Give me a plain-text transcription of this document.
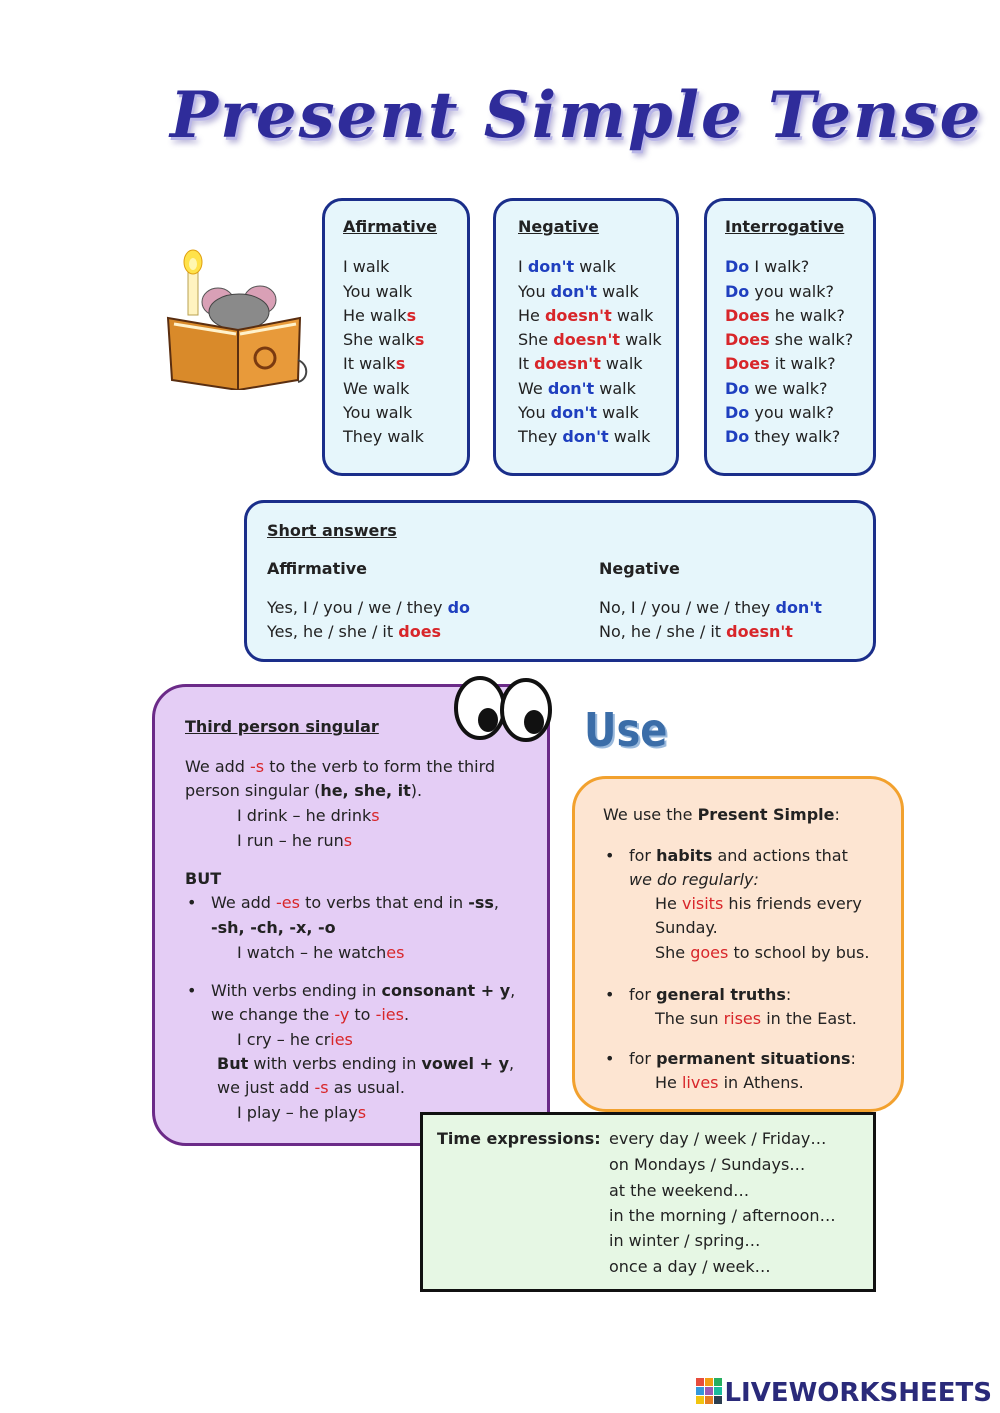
Present Simple Tense
Afirmative
I walk
You walk
He walks
She walks
It walks
We walk
You walk
They walk
Negative
I don't walk
You don't walk
He doesn't walk
She doesn't walk
It doesn't walk
We don't walk
You don't walk
They don't walk
Interrogative
Do I walk?
Do you walk?
Does he walk?
Does she walk?
Does it walk?
Do we walk?
Do you walk?
Do they walk?
Short answers
Affirmative	Negative
Yes, I / you / we / they do
Yes, he / she / it does
No, I / you / we / they don't
No, he / she / it doesn't
Third person singular
We add -s to the verb to form the third
person singular (he, she, it).
I drink – he drinks
I run – he runs
BUT
• We add -es to verbs that end in -ss,
-sh, -ch, -x, -o
I watch – he watches
• With verbs ending in consonant + y,
we change the -y to -ies.
I cry – he cries
But with verbs ending in vowel + y,
we just add -s as usual.
I play – he plays
Use
We use the Present Simple:
• for habits and actions that
we do regularly:
He visits his friends every
Sunday.
She goes to school by bus.
• for general truths:
The sun rises in the East.
• for permanent situations:
He lives in Athens.
Time expressions: every day / week / Friday…
on Mondays / Sundays…
at the weekend…
in the morning / afternoon…
in winter / spring…
once a day / week…
LIVEWORKSHEETS
